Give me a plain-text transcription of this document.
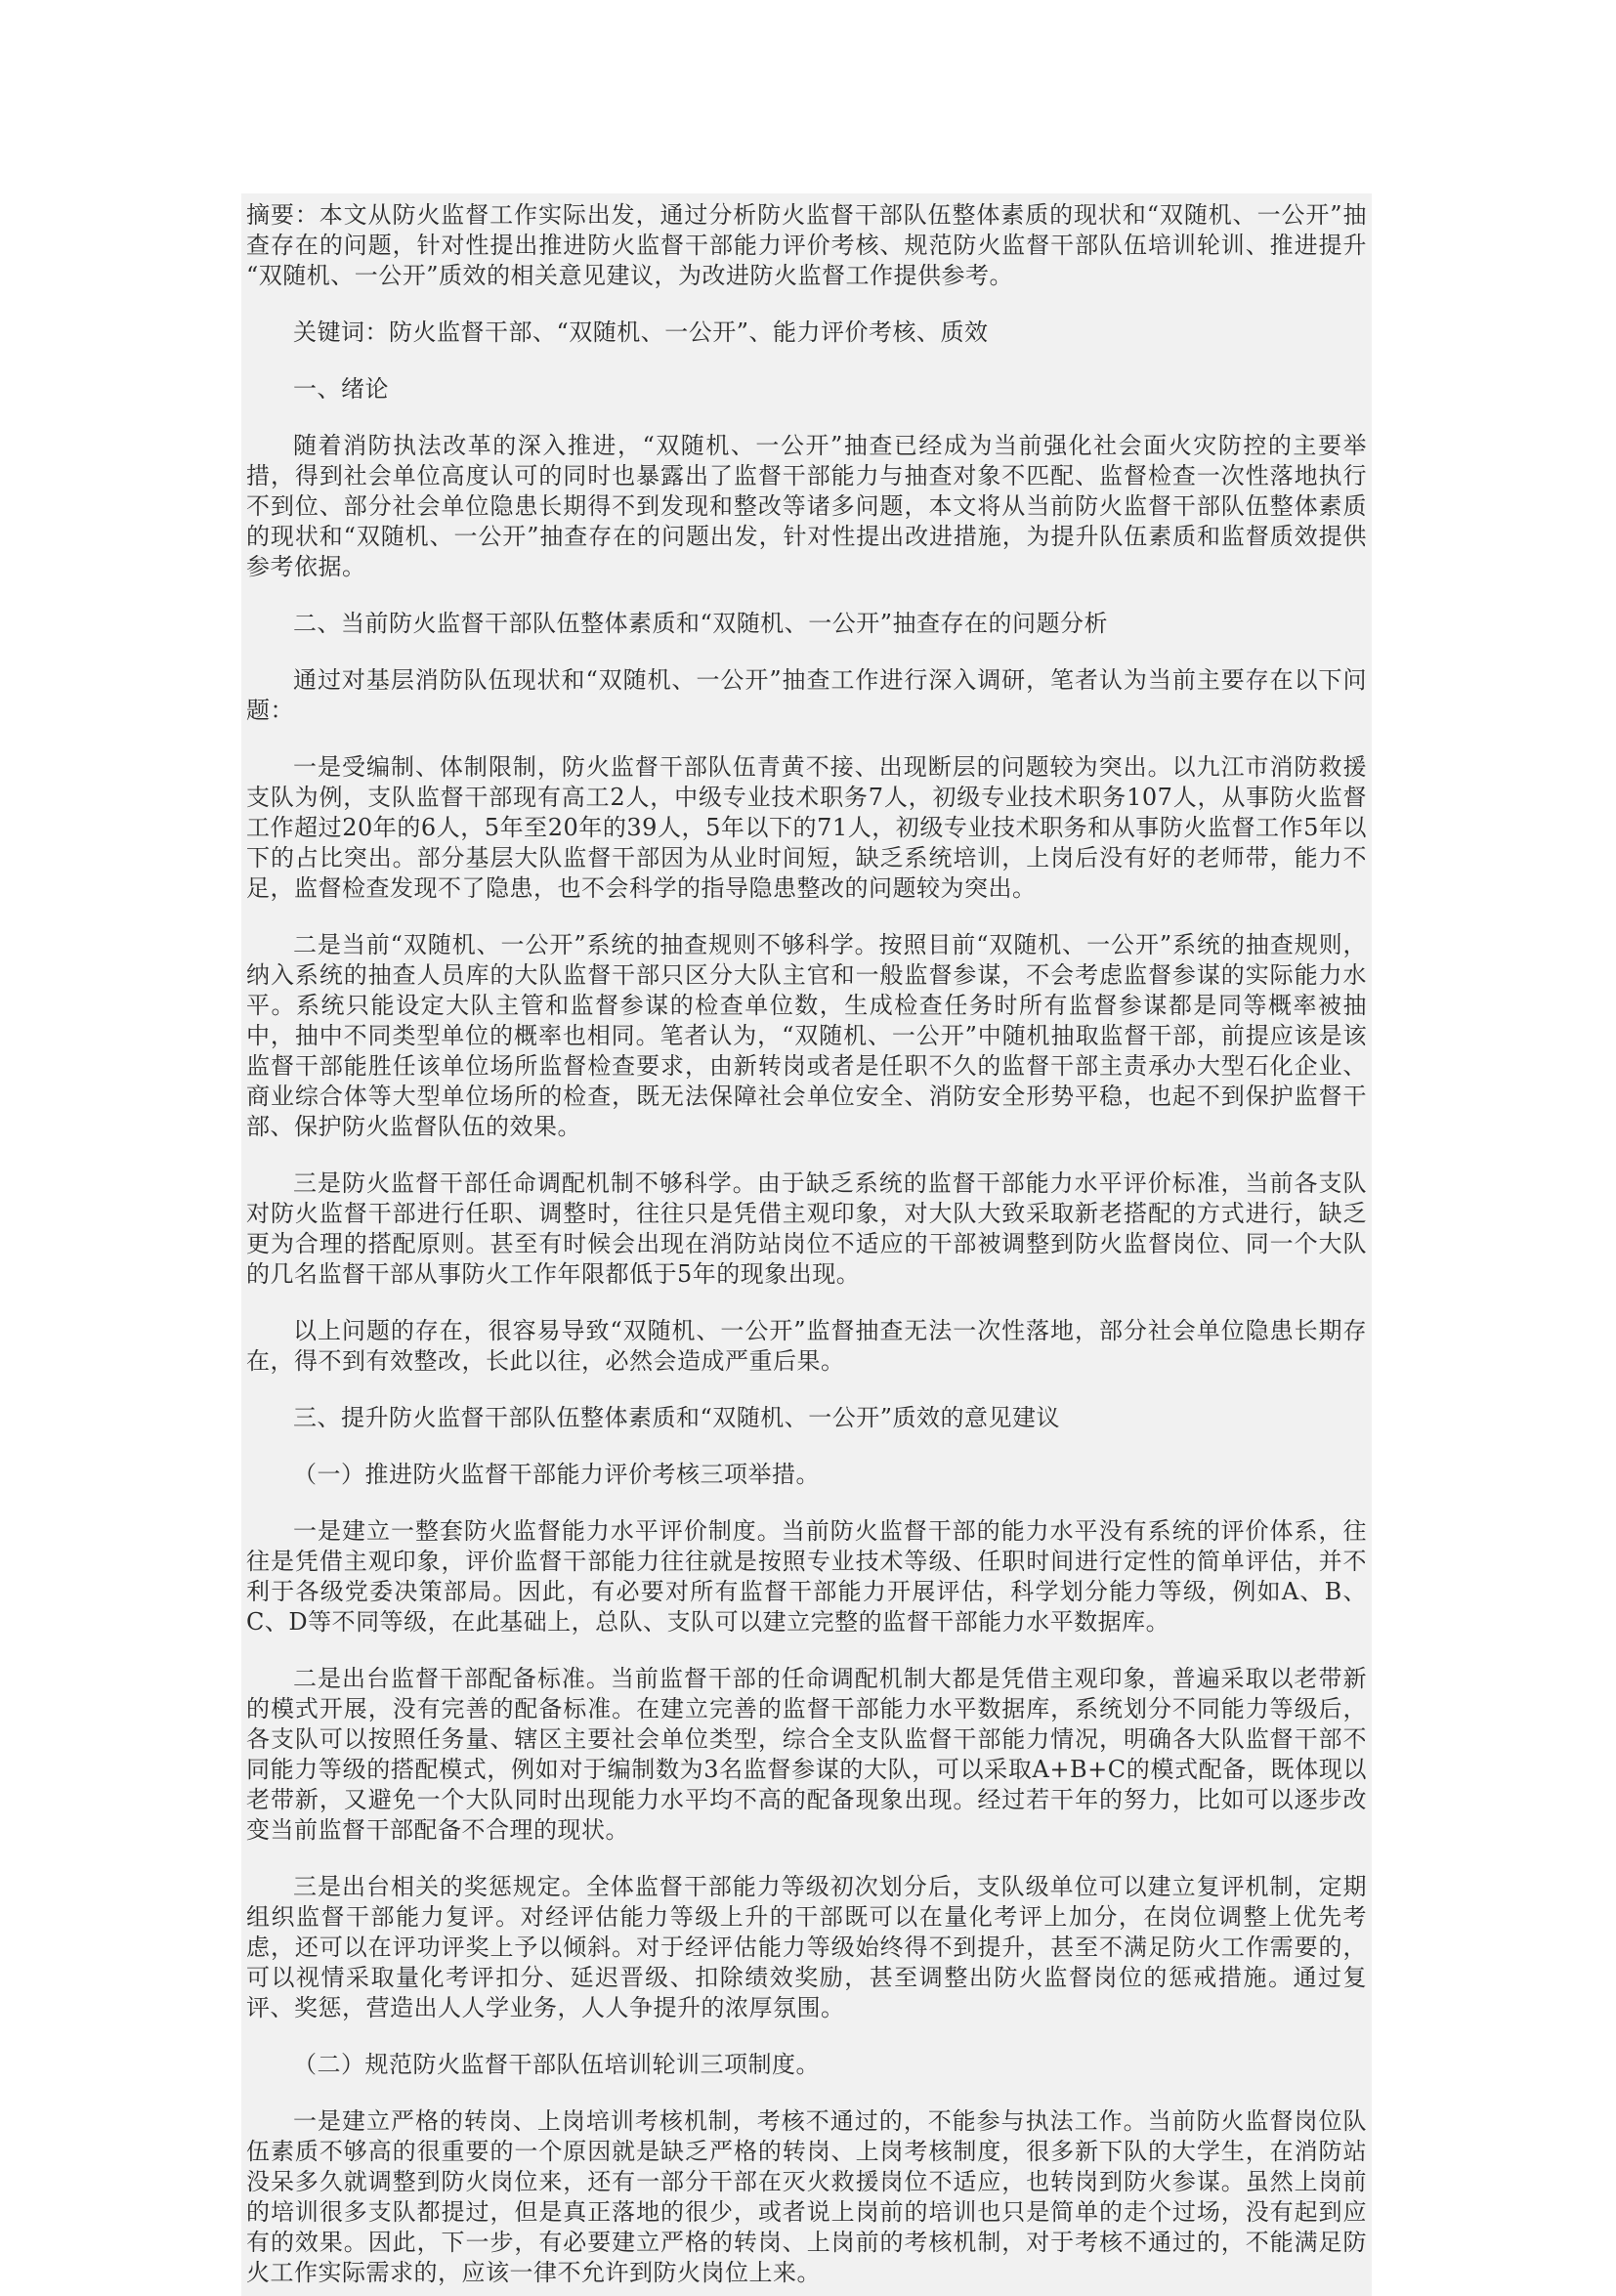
摘要：本文从防火监督工作实际出发，通过分析防火监督干部队伍整体素质的现状和“双随机、一公开”抽查存在的问题，针对性提出推进防火监督干部能力评价考核、规范防火监督干部队伍培训轮训、推进提升“双随机、一公开”质效的相关意见建议，为改进防火监督工作提供参考。

关键词：防火监督干部、“双随机、一公开”、能力评价考核、质效

一、绪论

随着消防执法改革的深入推进，“双随机、一公开”抽查已经成为当前强化社会面火灾防控的主要举措，得到社会单位高度认可的同时也暴露出了监督干部能力与抽查对象不匹配、监督检查一次性落地执行不到位、部分社会单位隐患长期得不到发现和整改等诸多问题，本文将从当前防火监督干部队伍整体素质的现状和“双随机、一公开”抽查存在的问题出发，针对性提出改进措施，为提升队伍素质和监督质效提供参考依据。

二、当前防火监督干部队伍整体素质和“双随机、一公开”抽查存在的问题分析

通过对基层消防队伍现状和“双随机、一公开”抽查工作进行深入调研，笔者认为当前主要存在以下问题：

一是受编制、体制限制，防火监督干部队伍青黄不接、出现断层的问题较为突出。以九江市消防救援支队为例，支队监督干部现有高工2人，中级专业技术职务7人，初级专业技术职务107人，从事防火监督工作超过20年的6人，5年至20年的39人，5年以下的71人，初级专业技术职务和从事防火监督工作5年以下的占比突出。部分基层大队监督干部因为从业时间短，缺乏系统培训，上岗后没有好的老师带，能力不足，监督检查发现不了隐患，也不会科学的指导隐患整改的问题较为突出。

二是当前“双随机、一公开”系统的抽查规则不够科学。按照目前“双随机、一公开”系统的抽查规则，纳入系统的抽查人员库的大队监督干部只区分大队主官和一般监督参谋，不会考虑监督参谋的实际能力水平。系统只能设定大队主管和监督参谋的检查单位数，生成检查任务时所有监督参谋都是同等概率被抽中，抽中不同类型单位的概率也相同。笔者认为，“双随机、一公开”中随机抽取监督干部，前提应该是该监督干部能胜任该单位场所监督检查要求，由新转岗或者是任职不久的监督干部主责承办大型石化企业、商业综合体等大型单位场所的检查，既无法保障社会单位安全、消防安全形势平稳，也起不到保护监督干部、保护防火监督队伍的效果。

三是防火监督干部任命调配机制不够科学。由于缺乏系统的监督干部能力水平评价标准，当前各支队对防火监督干部进行任职、调整时，往往只是凭借主观印象，对大队大致采取新老搭配的方式进行，缺乏更为合理的搭配原则。甚至有时候会出现在消防站岗位不适应的干部被调整到防火监督岗位、同一个大队的几名监督干部从事防火工作年限都低于5年的现象出现。

以上问题的存在，很容易导致“双随机、一公开”监督抽查无法一次性落地，部分社会单位隐患长期存在，得不到有效整改，长此以往，必然会造成严重后果。

三、提升防火监督干部队伍整体素质和“双随机、一公开”质效的意见建议

（一）推进防火监督干部能力评价考核三项举措。

一是建立一整套防火监督能力水平评价制度。当前防火监督干部的能力水平没有系统的评价体系，往往是凭借主观印象，评价监督干部能力往往就是按照专业技术等级、任职时间进行定性的简单评估，并不利于各级党委决策部局。因此，有必要对所有监督干部能力开展评估，科学划分能力等级，例如A、B、C、D等不同等级，在此基础上，总队、支队可以建立完整的监督干部能力水平数据库。

二是出台监督干部配备标准。当前监督干部的任命调配机制大都是凭借主观印象，普遍采取以老带新的模式开展，没有完善的配备标准。在建立完善的监督干部能力水平数据库，系统划分不同能力等级后，各支队可以按照任务量、辖区主要社会单位类型，综合全支队监督干部能力情况，明确各大队监督干部不同能力等级的搭配模式，例如对于编制数为3名监督参谋的大队，可以采取A+B+C的模式配备，既体现以老带新，又避免一个大队同时出现能力水平均不高的配备现象出现。经过若干年的努力，比如可以逐步改变当前监督干部配备不合理的现状。

三是出台相关的奖惩规定。全体监督干部能力等级初次划分后，支队级单位可以建立复评机制，定期组织监督干部能力复评。对经评估能力等级上升的干部既可以在量化考评上加分，在岗位调整上优先考虑，还可以在评功评奖上予以倾斜。对于经评估能力等级始终得不到提升，甚至不满足防火工作需要的，可以视情采取量化考评扣分、延迟晋级、扣除绩效奖励，甚至调整出防火监督岗位的惩戒措施。通过复评、奖惩，营造出人人学业务，人人争提升的浓厚氛围。

（二）规范防火监督干部队伍培训轮训三项制度。

一是建立严格的转岗、上岗培训考核机制，考核不通过的，不能参与执法工作。当前防火监督岗位队伍素质不够高的很重要的一个原因就是缺乏严格的转岗、上岗考核制度，很多新下队的大学生，在消防站没呆多久就调整到防火岗位来，还有一部分干部在灭火救援岗位不适应，也转岗到防火参谋。虽然上岗前的培训很多支队都提过，但是真正落地的很少，或者说上岗前的培训也只是简单的走个过场，没有起到应有的效果。因此，下一步，有必要建立严格的转岗、上岗前的考核机制，对于考核不通过的，不能满足防火工作实际需求的，应该一律不允许到防火岗位上来。
